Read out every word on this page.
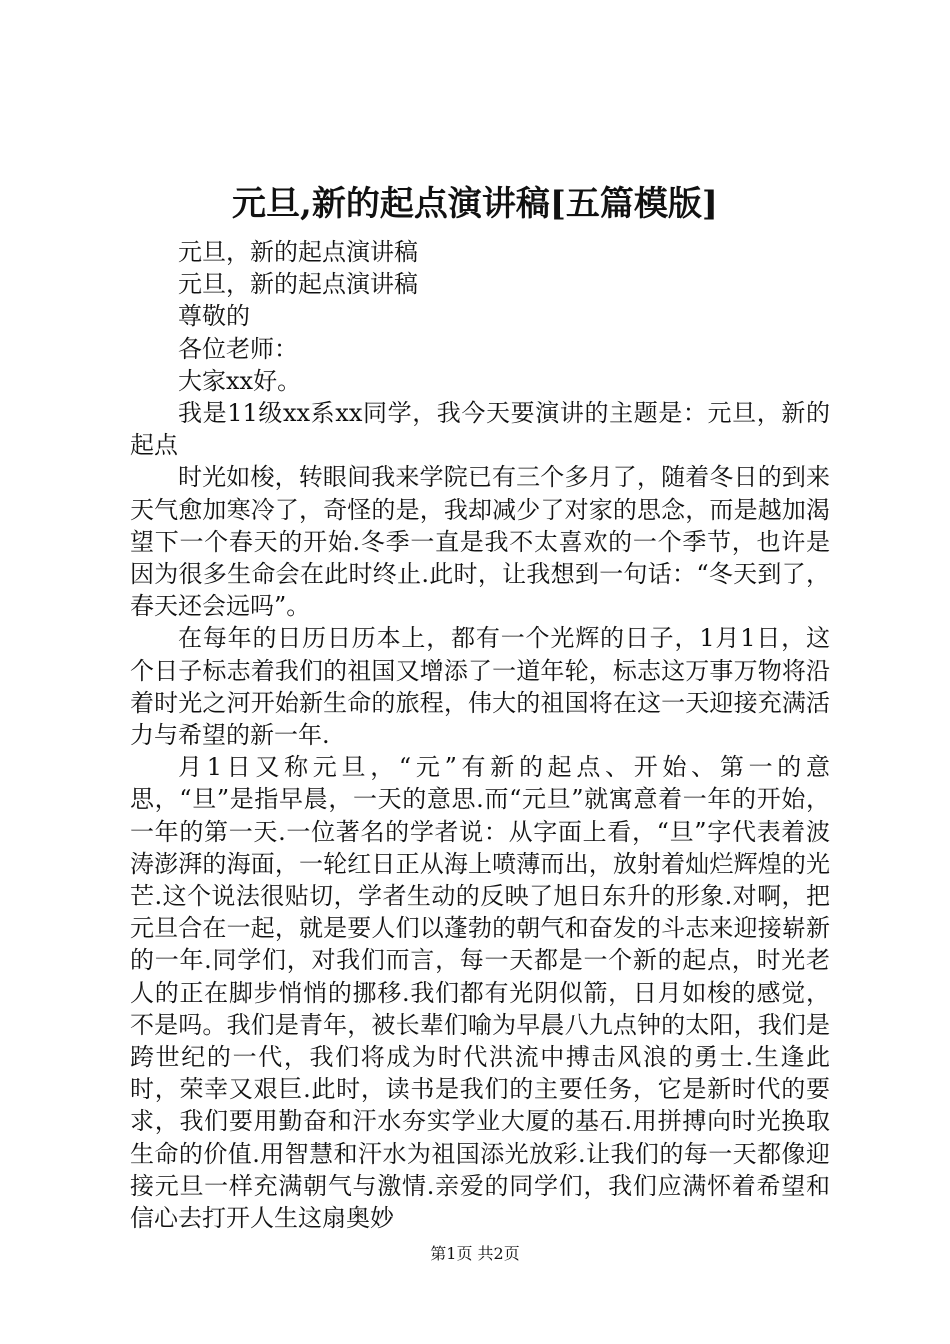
元旦,新的起点演讲稿[五篇模版]

元旦，新的起点演讲稿

元旦，新的起点演讲稿

尊敬的

各位老师：

大家xx好。

我是11级xx系xx同学，我今天要演讲的主题是：元旦，新的起点

时光如梭，转眼间我来学院已有三个多月了，随着冬日的到来天气愈加寒冷了，奇怪的是，我却减少了对家的思念，而是越加渴望下一个春天的开始.冬季一直是我不太喜欢的一个季节，也许是因为很多生命会在此时终止.此时，让我想到一句话：“冬天到了，春天还会远吗”。

在每年的日历日历本上，都有一个光辉的日子，1月1日，这个日子标志着我们的祖国又增添了一道年轮，标志这万事万物将沿着时光之河开始新生命的旅程，伟大的祖国将在这一天迎接充满活力与希望的新一年.

月1日又称元旦，“元”有新的起点、开始、第一的意思，“旦”是指早晨，一天的意思.而“元旦”就寓意着一年的开始，一年的第一天.一位著名的学者说：从字面上看，“旦”字代表着波涛澎湃的海面，一轮红日正从海上喷薄而出，放射着灿烂辉煌的光芒.这个说法很贴切，学者生动的反映了旭日东升的形象.对啊，把元旦合在一起，就是要人们以蓬勃的朝气和奋发的斗志来迎接崭新的一年.同学们，对我们而言，每一天都是一个新的起点，时光老人的正在脚步悄悄的挪移.我们都有光阴似箭，日月如梭的感觉，不是吗。我们是青年，被长辈们喻为早晨八九点钟的太阳，我们是跨世纪的一代，我们将成为时代洪流中搏击风浪的勇士.生逢此时，荣幸又艰巨.此时，读书是我们的主要任务，它是新时代的要求，我们要用勤奋和汗水夯实学业大厦的基石.用拼搏向时光换取生命的价值.用智慧和汗水为祖国添光放彩.让我们的每一天都像迎接元旦一样充满朝气与激情.亲爱的同学们，我们应满怀着希望和信心去打开人生这扇奥妙

第1页 共2页
